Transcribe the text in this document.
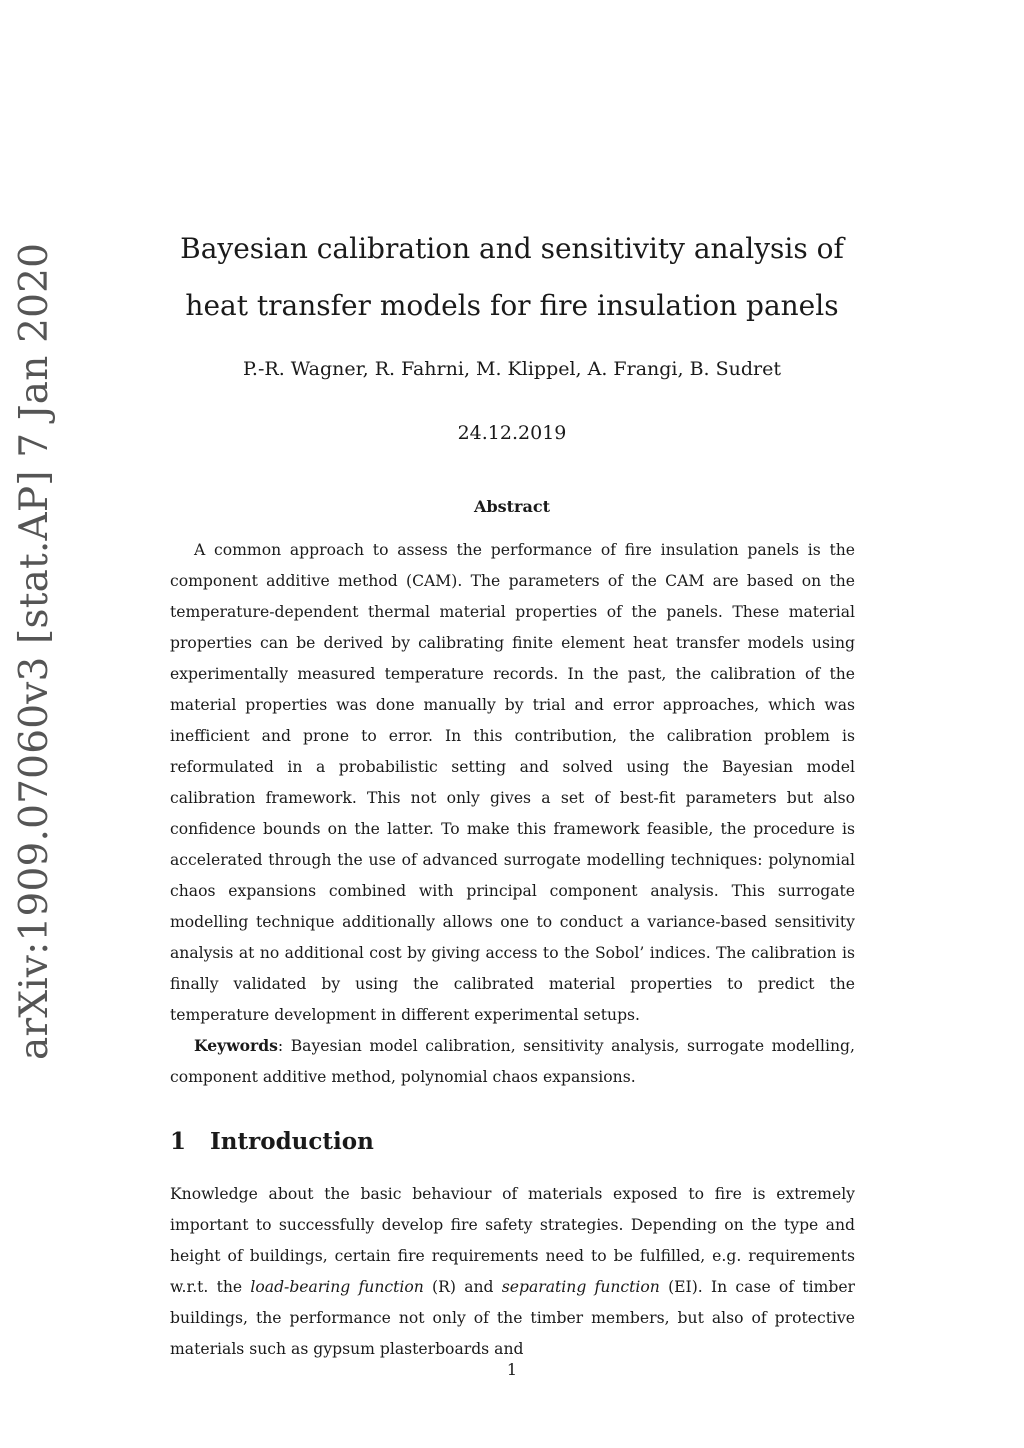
arXiv:1909.07060v3 [stat.AP] 7 Jan 2020	Bayesian calibration and sensitivity analysis of heat transfer models for fire insulation panels
P.-R. Wagner, R. Fahrni, M. Klippel, A. Frangi, B. Sudret
24.12.2019
Abstract

A common approach to assess the performance of fire insulation panels is the component additive method (CAM). The parameters of the CAM are based on the temperature-dependent thermal material properties of the panels. These material properties can be derived by calibrating finite element heat transfer models using experimentally measured temperature records. In the past, the calibration of the material properties was done manually by trial and error approaches, which was inefficient and prone to error. In this contribution, the calibration problem is reformulated in a probabilistic setting and solved using the Bayesian model calibration framework. This not only gives a set of best-fit parameters but also confidence bounds on the latter. To make this framework feasible, the procedure is accelerated through the use of advanced surrogate modelling techniques: polynomial chaos expansions combined with principal component analysis. This surrogate modelling technique additionally allows one to conduct a variance-based sensitivity analysis at no additional cost by giving access to the Sobol’ indices. The calibration is finally validated by using the calibrated material properties to predict the temperature development in different experimental setups.

Keywords: Bayesian model calibration, sensitivity analysis, surrogate modelling, component additive method, polynomial chaos expansions.

1 Introduction

Knowledge about the basic behaviour of materials exposed to fire is extremely important to successfully develop fire safety strategies. Depending on the type and height of buildings, certain fire requirements need to be fulfilled, e.g. requirements w.r.t. the load-bearing function (R) and separating function (EI). In case of timber buildings, the performance not only of the timber members, but also of protective materials such as gypsum plasterboards and

1
